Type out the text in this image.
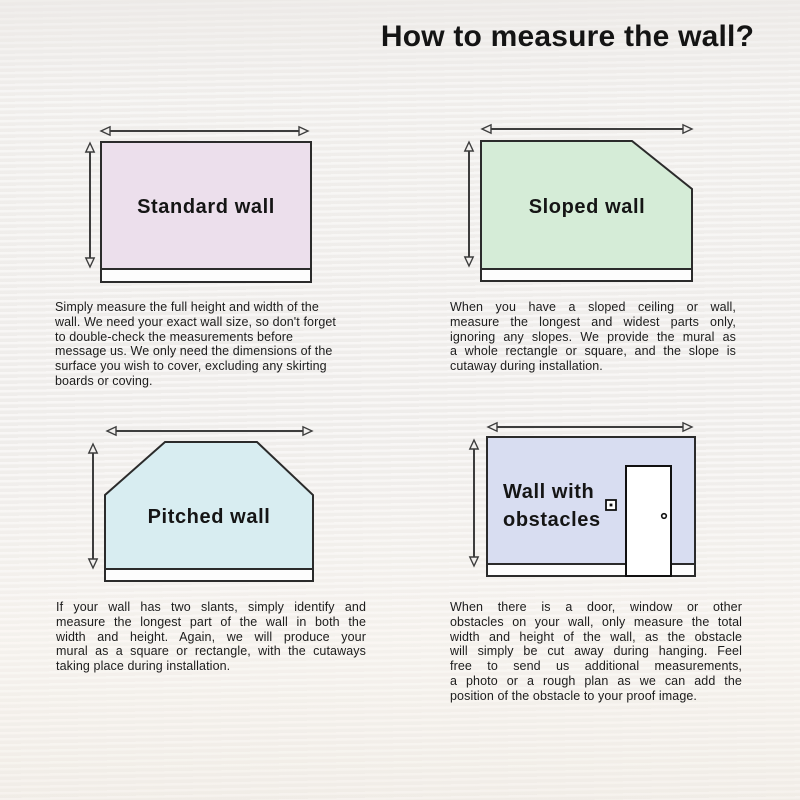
How to measure the wall?
Standard wall
Simply measure the full height and width of the
wall. We need your exact wall size, so don't forget
to double-check the measurements before
message us. We only need the dimensions of the
surface you wish to cover, excluding any skirting
boards or coving.
Sloped wall
When you have a sloped ceiling or wall,
measure the longest and widest parts only,
ignoring any slopes. We provide the mural as
a whole rectangle or square, and the slope is
cutaway during installation.
Pitched wall
If your wall has two slants, simply identify and
measure the longest part of the wall in both the
width and height. Again, we will produce your
mural as a square or rectangle, with the cutaways
taking place during installation.
Wall with obstacles
When there is a door, window or other
obstacles on your wall, only measure the total
width and height of the wall, as the obstacle
will simply be cut away during hanging. Feel
free to send us additional measurements,
a photo or a rough plan as we can add the
position of the obstacle to your proof image.
